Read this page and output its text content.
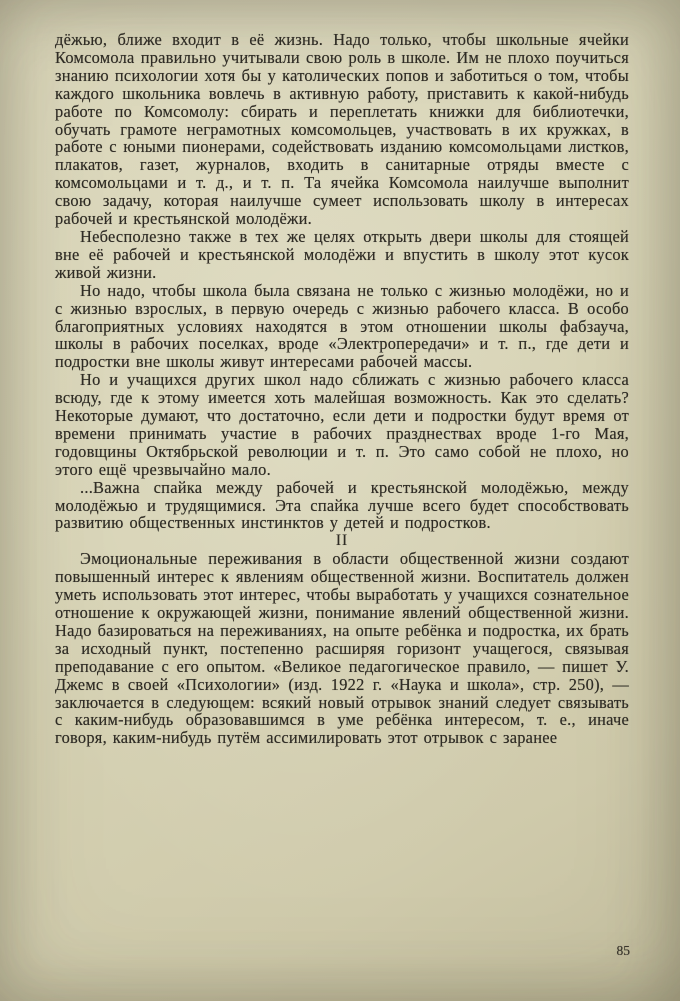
дёжью, ближе входит в её жизнь. Надо только, чтобы школьные ячейки Комсомола правильно учитывали свою роль в школе. Им не плохо поучиться знанию психологии хотя бы у католических попов и заботиться о том, чтобы каждого школьника вовлечь в активную работу, приставить к какой-нибудь работе по Комсомолу: сбирать и переплетать книжки для библиотечки, обучать грамоте неграмотных комсомольцев, участвовать в их кружках, в работе с юными пионерами, содействовать изданию комсомольцами листков, плакатов, газет, журналов, входить в санитарные отряды вместе с комсомольцами и т. д., и т. п. Та ячейка Комсомола наилучше выполнит свою задачу, которая наилучше сумеет использовать школу в интересах рабочей и крестьянской молодёжи.

Небесполезно также в тех же целях открыть двери школы для стоящей вне её рабочей и крестьянской молодёжи и впустить в школу этот кусок живой жизни.

Но надо, чтобы школа была связана не только с жизнью молодёжи, но и с жизнью взрослых, в первую очередь с жизнью рабочего класса. В особо благоприятных условиях находятся в этом отношении школы фабзауча, школы в рабочих поселках, вроде «Электропередачи» и т. п., где дети и подростки вне школы живут интересами рабочей массы.

Но и учащихся других школ надо сближать с жизнью рабочего класса всюду, где к этому имеется хоть малейшая возможность. Как это сделать? Некоторые думают, что достаточно, если дети и подростки будут время от времени принимать участие в рабочих празднествах вроде 1-го Мая, годовщины Октябрьской революции и т. п. Это само собой не плохо, но этого ещё чрезвычайно мало.

...Важна спайка между рабочей и крестьянской молодёжью, между молодёжью и трудящимися. Эта спайка лучше всего будет способствовать развитию общественных инстинктов у детей и подростков.

II

Эмоциональные переживания в области общественной жизни создают повышенный интерес к явлениям общественной жизни. Воспитатель должен уметь использовать этот интерес, чтобы выработать у учащихся сознательное отношение к окружающей жизни, понимание явлений общественной жизни. Надо базироваться на переживаниях, на опыте ребёнка и подростка, их брать за исходный пункт, постепенно расширяя горизонт учащегося, связывая преподавание с его опытом. «Великое педагогическое правило, — пишет У. Джемс в своей «Психологии» (изд. 1922 г. «Наука и школа», стр. 250), — заключается в следующем: всякий новый отрывок знаний следует связывать с каким-нибудь образовавшимся в уме ребёнка интересом, т. е., иначе говоря, каким-нибудь путём ассимилировать этот отрывок с заранее

85
